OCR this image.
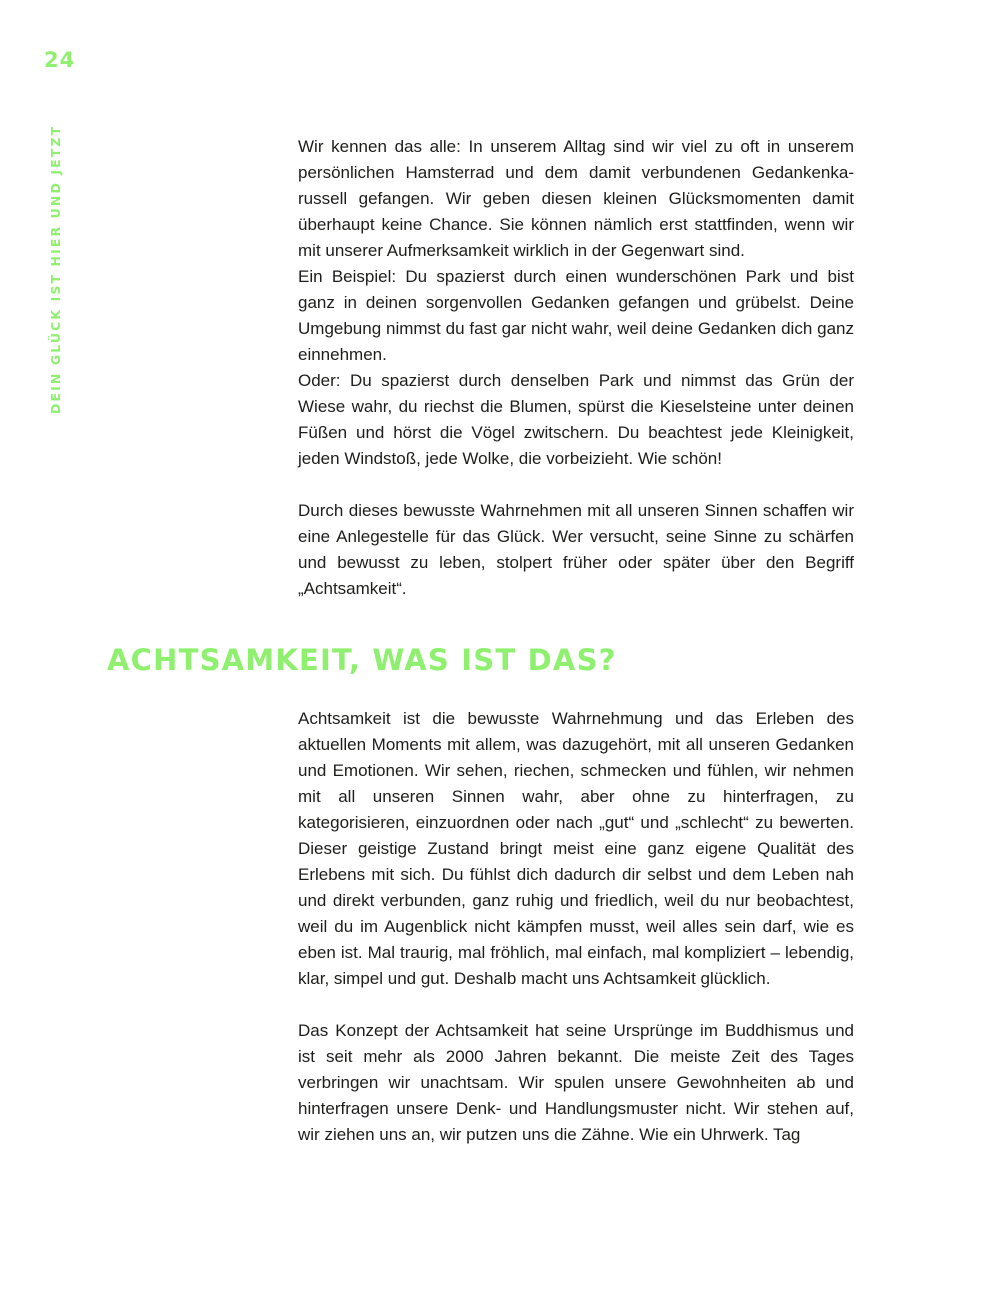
24
DEIN GLÜCK IST HIER UND JETZT	Wir kennen das alle: In unserem Alltag sind wir viel zu oft in unserem persönlichen Hamsterrad und dem damit verbundenen Gedankenkarussell gefangen. Wir geben diesen kleinen Glücksmomenten damit überhaupt keine Chance. Sie können nämlich erst stattfinden, wenn wir mit unserer Aufmerksamkeit wirklich in der Gegenwart sind.

Ein Beispiel: Du spazierst durch einen wunderschönen Park und bist ganz in deinen sorgenvollen Gedanken gefangen und grübelst. Deine Umgebung nimmst du fast gar nicht wahr, weil deine Gedanken dich ganz einnehmen.

Oder: Du spazierst durch denselben Park und nimmst das Grün der Wiese wahr, du riechst die Blumen, spürst die Kieselsteine unter deinen Füßen und hörst die Vögel zwitschern. Du beachtest jede Kleinigkeit, jeden Windstoß, jede Wolke, die vorbeizieht. Wie schön!

Durch dieses bewusste Wahrnehmen mit all unseren Sinnen schaffen wir eine Anlegestelle für das Glück. Wer versucht, seine Sinne zu schärfen und bewusst zu leben, stolpert früher oder später über den Begriff „Achtsamkeit“.

ACHTSAMKEIT, WAS IST DAS?

Achtsamkeit ist die bewusste Wahrnehmung und das Erleben des aktuellen Moments mit allem, was dazugehört, mit all unseren Gedanken und Emotionen. Wir sehen, riechen, schmecken und fühlen, wir nehmen mit all unseren Sinnen wahr, aber ohne zu hinterfragen, zu kategorisieren, einzuordnen oder nach „gut“ und „schlecht“ zu bewerten. Dieser geistige Zustand bringt meist eine ganz eigene Qualität des Erlebens mit sich. Du fühlst dich dadurch dir selbst und dem Leben nah und direkt verbunden, ganz ruhig und friedlich, weil du nur beobachtest, weil du im Augenblick nicht kämpfen musst, weil alles sein darf, wie es eben ist. Mal traurig, mal fröhlich, mal einfach, mal kompliziert – lebendig, klar, simpel und gut. Deshalb macht uns Achtsamkeit glücklich.

Das Konzept der Achtsamkeit hat seine Ursprünge im Buddhismus und ist seit mehr als 2000 Jahren bekannt. Die meiste Zeit des Tages verbringen wir unachtsam. Wir spulen unsere Gewohnheiten ab und hinterfragen unsere Denk- und Handlungsmuster nicht. Wir stehen auf, wir ziehen uns an, wir putzen uns die Zähne. Wie ein Uhrwerk. Tag
